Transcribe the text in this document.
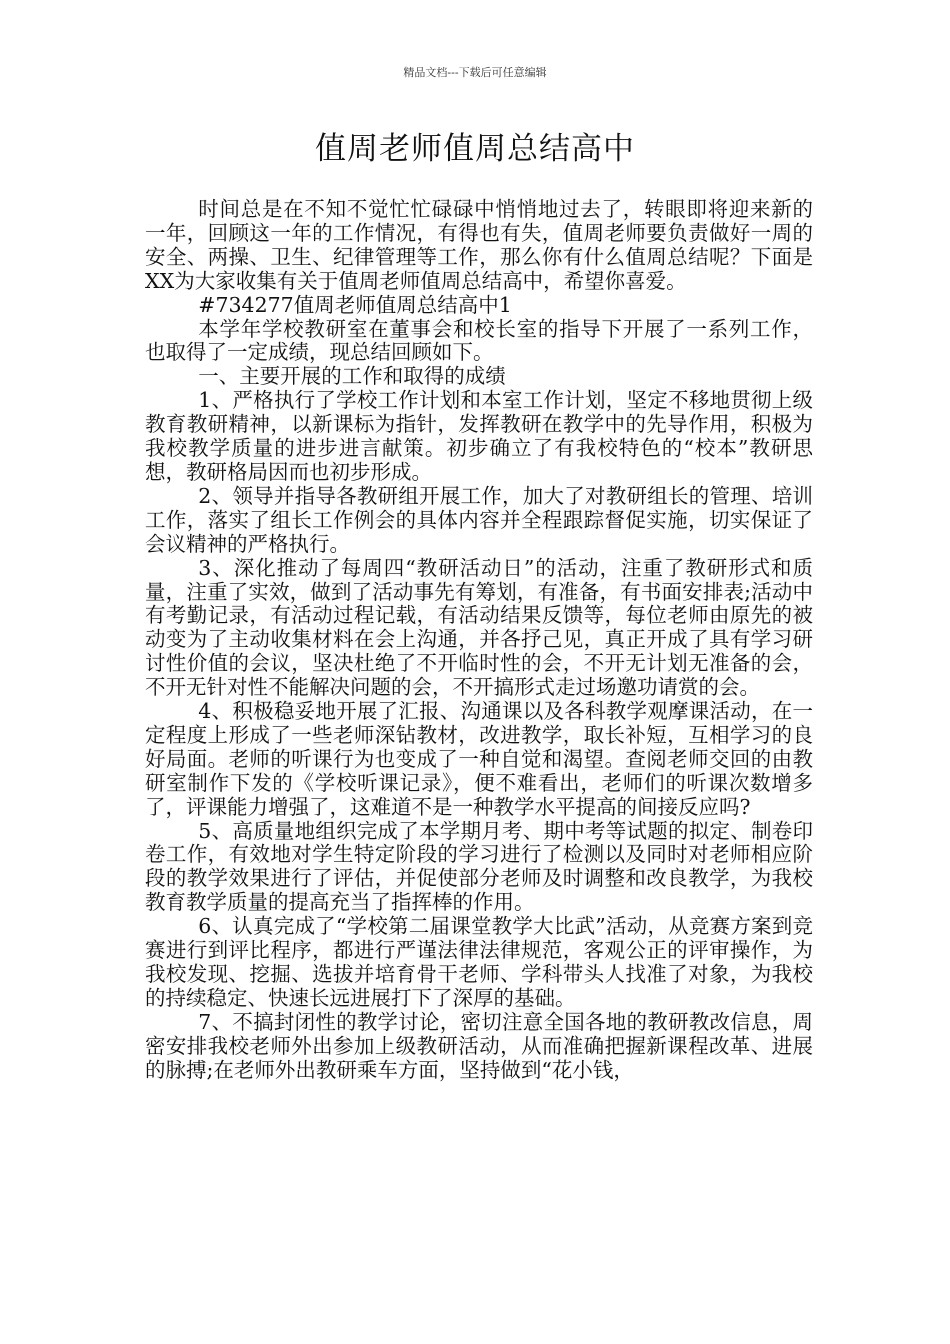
精品文档---下载后可任意编辑
值周老师值周总结高中

时间总是在不知不觉忙忙碌碌中悄悄地过去了，转眼即将迎来新的一年，回顾这一年的工作情况，有得也有失，值周老师要负责做好一周的安全、两操、卫生、纪律管理等工作，那么你有什么值周总结呢？下面是XX为大家收集有关于值周老师值周总结高中，希望你喜爱。

#734277值周老师值周总结高中1

本学年学校教研室在董事会和校长室的指导下开展了一系列工作，也取得了一定成绩，现总结回顾如下。

一、主要开展的工作和取得的成绩

1、严格执行了学校工作计划和本室工作计划，坚定不移地贯彻上级教育教研精神，以新课标为指针，发挥教研在教学中的先导作用，积极为我校教学质量的进步进言献策。初步确立了有我校特色的“校本”教研思想，教研格局因而也初步形成。

2、领导并指导各教研组开展工作，加大了对教研组长的管理、培训工作，落实了组长工作例会的具体内容并全程跟踪督促实施，切实保证了会议精神的严格执行。

3、深化推动了每周四“教研活动日”的活动，注重了教研形式和质量，注重了实效，做到了活动事先有筹划，有准备，有书面安排表;活动中有考勤记录，有活动过程记载，有活动结果反馈等，每位老师由原先的被动变为了主动收集材料在会上沟通，并各抒己见，真正开成了具有学习研讨性价值的会议，坚决杜绝了不开临时性的会，不开无计划无准备的会，不开无针对性不能解决问题的会，不开搞形式走过场邀功请赏的会。

4、积极稳妥地开展了汇报、沟通课以及各科教学观摩课活动，在一定程度上形成了一些老师深钻教材，改进教学，取长补短，互相学习的良好局面。老师的听课行为也变成了一种自觉和渴望。查阅老师交回的由教研室制作下发的《学校听课记录》，便不难看出，老师们的听课次数增多了，评课能力增强了，这难道不是一种教学水平提高的间接反应吗?

5、高质量地组织完成了本学期月考、期中考等试题的拟定、制卷印卷工作，有效地对学生特定阶段的学习进行了检测以及同时对老师相应阶段的教学效果进行了评估，并促使部分老师及时调整和改良教学，为我校教育教学质量的提高充当了指挥棒的作用。

6、认真完成了“学校第二届课堂教学大比武”活动，从竞赛方案到竞赛进行到评比程序，都进行严谨法律法律规范，客观公正的评审操作，为我校发现、挖掘、选拔并培育骨干老师、学科带头人找准了对象，为我校的持续稳定、快速长远进展打下了深厚的基础。

7、不搞封闭性的教学讨论，密切注意全国各地的教研教改信息，周密安排我校老师外出参加上级教研活动，从而准确把握新课程改革、进展的脉搏;在老师外出教研乘车方面，坚持做到“花小钱，
